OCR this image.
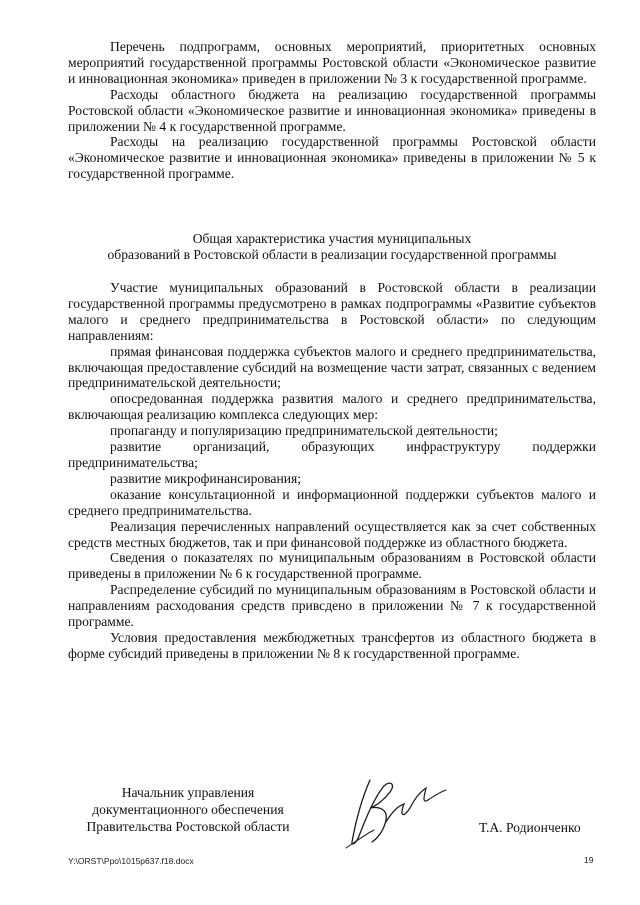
Перечень подпрограмм, основных мероприятий, приоритетных основных мероприятий государственной программы Ростовской области «Экономическое развитие и инновационная экономика» приведен в приложении № 3 к государственной программе.

Расходы областного бюджета на реализацию государственной программы Ростовской области «Экономическое развитие и инновационная экономика» приведены в приложении № 4 к государственной программе.

Расходы на реализацию государственной программы Ростовской области «Экономическое развитие и инновационная экономика» приведены в приложении № 5 к государственной программе.

Общая характеристика участия муниципальных
образований в Ростовской области в реализации государственной программы

Участие муниципальных образований в Ростовской области в реализации государственной программы предусмотрено в рамках подпрограммы «Развитие субъектов малого и среднего предпринимательства в Ростовской области» по следующим направлениям:

прямая финансовая поддержка субъектов малого и среднего предпринимательства, включающая предоставление субсидий на возмещение части затрат, связанных с ведением предпринимательской деятельности;

опосредованная поддержка развития малого и среднего предпринимательства, включающая реализацию комплекса следующих мер:

пропаганду и популяризацию предпринимательской деятельности;

развитие организаций, образующих инфраструктуру поддержки предпринимательства;

развитие микрофинансирования;

оказание консультационной и информационной поддержки субъектов малого и среднего предпринимательства.

Реализация перечисленных направлений осуществляется как за счет собственных средств местных бюджетов, так и при финансовой поддержке из областного бюджета.

Сведения о показателях по муниципальным образованиям в Ростовской области приведены в приложении № 6 к государственной программе.

Распределение субсидий по муниципальным образованиям в Ростовской области и направлениям расходования средств привсдено в приложении № 7 к государственной программе.

Условия предоставления межбюджетных трансфертов из областного бюджета в форме субсидий приведены в приложении № 8 к государственной программе.

Начальник управления
документационного обеспечения
Правительства Ростовской области	Т.А. Родионченко
Y:\ORST\Ppo\1015p637.f18.docx	19
